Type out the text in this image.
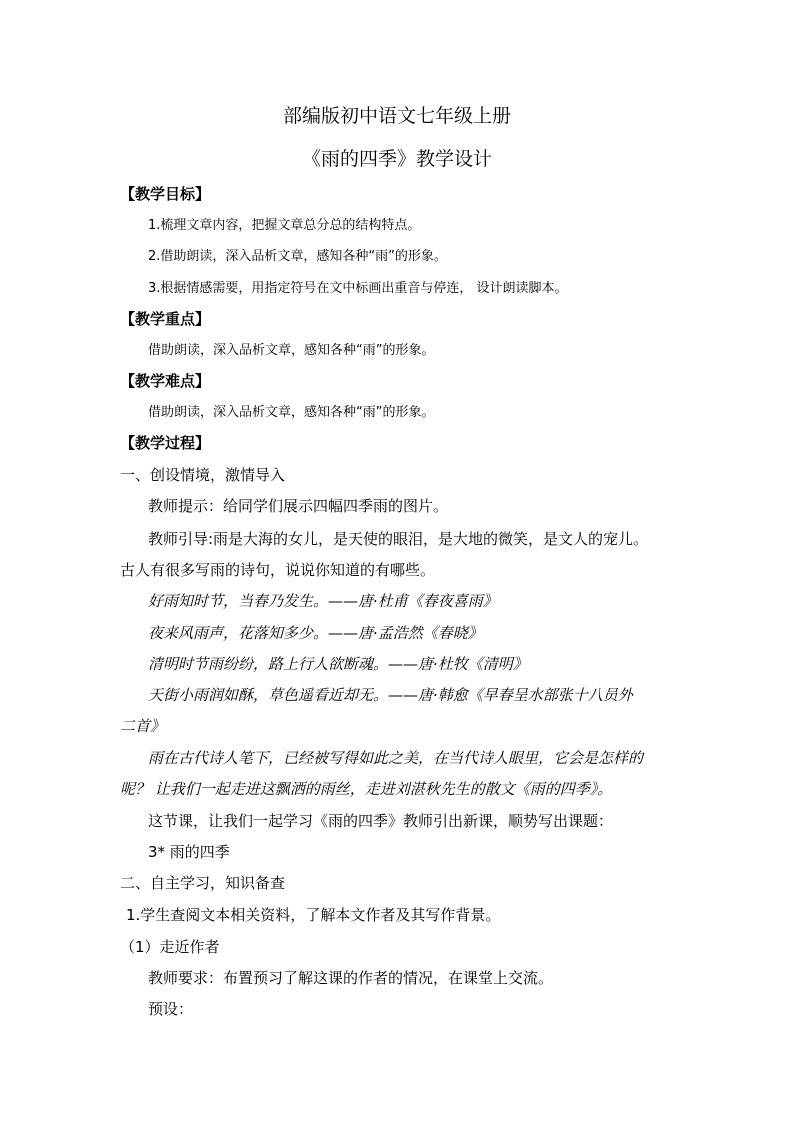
部编版初中语文七年级上册
《雨的四季》教学设计
【教学目标】
1.梳理文章内容，把握文章总分总的结构特点。
2.借助朗读，深入品析文章，感知各种“雨”的形象。
3.根据情感需要，用指定符号在文中标画出重音与停连， 设计朗读脚本。
【教学重点】
借助朗读，深入品析文章，感知各种“雨”的形象。
【教学难点】
借助朗读，深入品析文章，感知各种“雨”的形象。
【教学过程】
一、创设情境，激情导入
教师提示：给同学们展示四幅四季雨的图片。
教师引导:雨是大海的女儿，是天使的眼泪，是大地的微笑，是文人的宠儿。
古人有很多写雨的诗句，说说你知道的有哪些。
好雨知时节，当春乃发生。——唐·杜甫《春夜喜雨》
夜来风雨声，花落知多少。——唐·孟浩然《春晓》
清明时节雨纷纷，路上行人欲断魂。——唐·杜牧《清明》
天街小雨润如酥，草色遥看近却无。——唐·韩愈《早春呈水部张十八员外
二首》
雨在古代诗人笔下，已经被写得如此之美，在当代诗人眼里，它会是怎样的
呢？ 让我们一起走进这飘洒的雨丝，走进刘湛秋先生的散文《雨的四季》。
这节课，让我们一起学习《雨的四季》教师引出新课，顺势写出课题：
3* 雨的四季
二、自主学习，知识备查
1.学生查阅文本相关资料，了解本文作者及其写作背景。
（1）走近作者
教师要求：布置预习了解这课的作者的情况，在课堂上交流。
预设：
